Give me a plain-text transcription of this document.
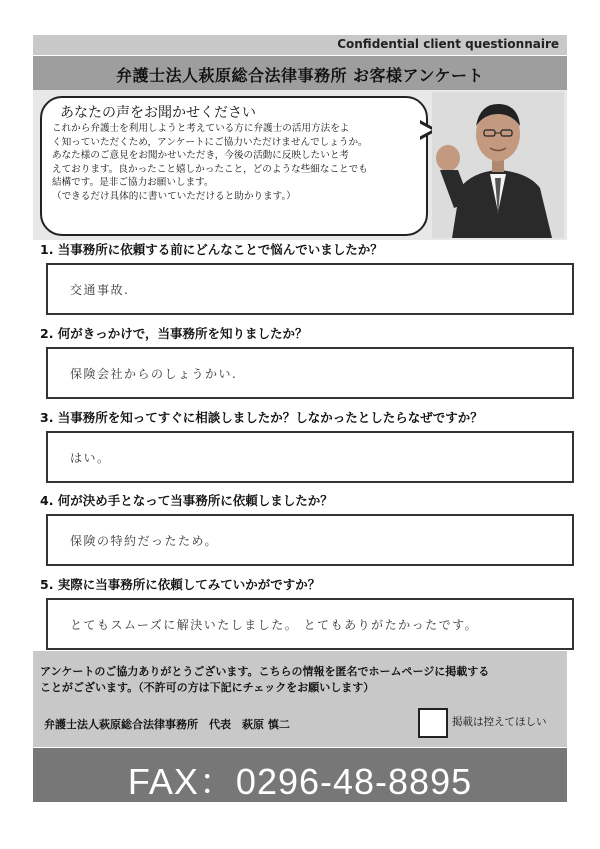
Confidential client questionnaire
弁護士法人萩原総合法律事務所 お客様アンケート
あなたの声をお聞かせください
これから弁護士を利用しようと考えている方に弁護士の活用方法をよ
く知っていただくため，アンケートにご協力いただけませんでしょうか。
あなた様のご意見をお聞かせいただき，今後の活動に反映したいと考
えております。良かったこと嬉しかったこと，どのような些細なことでも
結構です。是非ご協力お願いします。
（できるだけ具体的に書いていただけると助かります。）
1. 当事務所に依頼する前にどんなことで悩んでいましたか？
交通事故.
2. 何がきっかけで，当事務所を知りましたか？
保険会社からのしょうかい.
3. 当事務所を知ってすぐに相談しましたか？しなかったとしたらなぜですか？
はい。
4. 何が決め手となって当事務所に依頼しましたか？
保険の特約だったため。
5. 実際に当事務所に依頼してみていかがですか？
とてもスムーズに解決いたしました。 とてもありがたかったです。
アンケートのご協力ありがとうございます。こちらの情報を匿名でホームページに掲載する
ことがございます。（不許可の方は下記にチェックをお願いします）
弁護士法人萩原総合法律事務所　代表　萩原 慎二	掲載は控えてほしい
FAX：0296-48-8895
